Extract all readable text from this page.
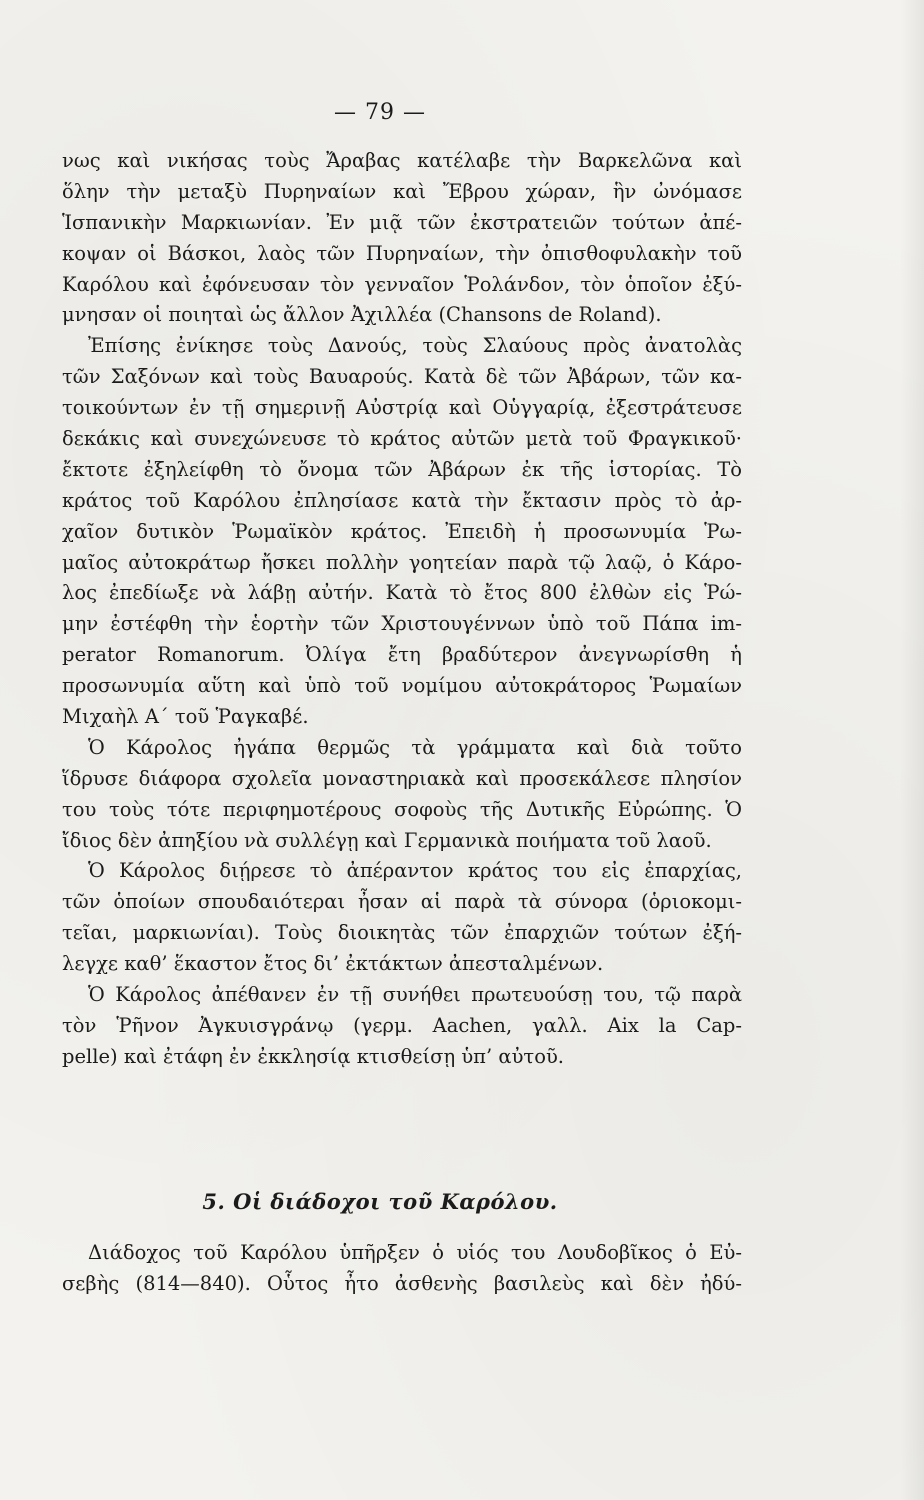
— 79 —
νως καὶ νικήσας τοὺς Ἄραβας κατέλαβε τὴν Βαρκελῶνα καὶ
ὅλην τὴν μεταξὺ Πυρηναίων καὶ Ἔβρου χώραν, ἣν ὠνόμασε
Ἱσπανικὴν Μαρκιωνίαν. Ἐν μιᾷ τῶν ἐκστρατειῶν τούτων ἀπέ-
κοψαν οἱ Βάσκοι, λαὸς τῶν Πυρηναίων, τὴν ὀπισθοφυλακὴν τοῦ
Καρόλου καὶ ἐφόνευσαν τὸν γενναῖον Ῥολάνδον, τὸν ὁποῖον ἐξύ-
μνησαν οἱ ποιηταὶ ὡς ἄλλον Ἀχιλλέα (Chansons de Roland).
Ἐπίσης ἐνίκησε τοὺς Δανούς, τοὺς Σλαύους πρὸς ἀνατολὰς
τῶν Σαξόνων καὶ τοὺς Βαυαρούς. Κατὰ δὲ τῶν Ἀβάρων, τῶν κα-
τοικούντων ἐν τῇ σημερινῇ Αὐστρίᾳ καὶ Οὑγγαρίᾳ, ἐξεστράτευσε
δεκάκις καὶ συνεχώνευσε τὸ κράτος αὐτῶν μετὰ τοῦ Φραγκικοῦ·
ἔκτοτε ἐξηλείφθη τὸ ὄνομα τῶν Ἀβάρων ἐκ τῆς ἱστορίας. Τὸ
κράτος τοῦ Καρόλου ἐπλησίασε κατὰ τὴν ἔκτασιν πρὸς τὸ ἀρ-
χαῖον δυτικὸν Ῥωμαϊκὸν κράτος. Ἐπειδὴ ἡ προσωνυμία Ῥω-
μαῖος αὐτοκράτωρ ἤσκει πολλὴν γοητείαν παρὰ τῷ λαῷ, ὁ Κάρο-
λος ἐπεδίωξε νὰ λάβῃ αὐτήν. Κατὰ τὸ ἔτος 800 ἐλθὼν εἰς Ῥώ-
μην ἐστέφθη τὴν ἑορτὴν τῶν Χριστουγέννων ὑπὸ τοῦ Πάπα im-
perator Romanorum. Ὀλίγα ἔτη βραδύτερον ἀνεγνωρίσθη ἡ
προσωνυμία αὕτη καὶ ὑπὸ τοῦ νομίμου αὐτοκράτορος Ῥωμαίων
Μιχαὴλ Α΄ τοῦ Ῥαγκαβέ.
Ὁ Κάρολος ἠγάπα θερμῶς τὰ γράμματα καὶ διὰ τοῦτο
ἵδρυσε διάφορα σχολεῖα μοναστηριακὰ καὶ προσεκάλεσε πλησίον
του τοὺς τότε περιφημοτέρους σοφοὺς τῆς Δυτικῆς Εὐρώπης. Ὁ
ἴδιος δὲν ἀπηξίου νὰ συλλέγῃ καὶ Γερμανικὰ ποιήματα τοῦ λαοῦ.
Ὁ Κάρολος διῄρεσε τὸ ἀπέραντον κράτος του εἰς ἐπαρχίας,
τῶν ὁποίων σπουδαιότεραι ἦσαν αἱ παρὰ τὰ σύνορα (ὁριοκομι-
τεῖαι, μαρκιωνίαι). Τοὺς διοικητὰς τῶν ἐπαρχιῶν τούτων ἐξή-
λεγχε καθ’ ἕκαστον ἔτος δι’ ἐκτάκτων ἀπεσταλμένων.
Ὁ Κάρολος ἀπέθανεν ἐν τῇ συνήθει πρωτευούσῃ του, τῷ παρὰ
τὸν Ῥῆνον Ἀγκυισγράνῳ (γερμ. Aachen, γαλλ. Aix la Cap-
pelle) καὶ ἐτάφη ἐν ἐκκλησίᾳ κτισθείσῃ ὑπ’ αὐτοῦ.
5. Οἱ διάδοχοι τοῦ Καρόλου.
Διάδοχος τοῦ Καρόλου ὑπῆρξεν ὁ υἱός του Λουδοβῖκος ὁ Εὐ-
σεβὴς (814—840). Οὗτος ἦτο ἀσθενὴς βασιλεὺς καὶ δὲν ἠδύ-
